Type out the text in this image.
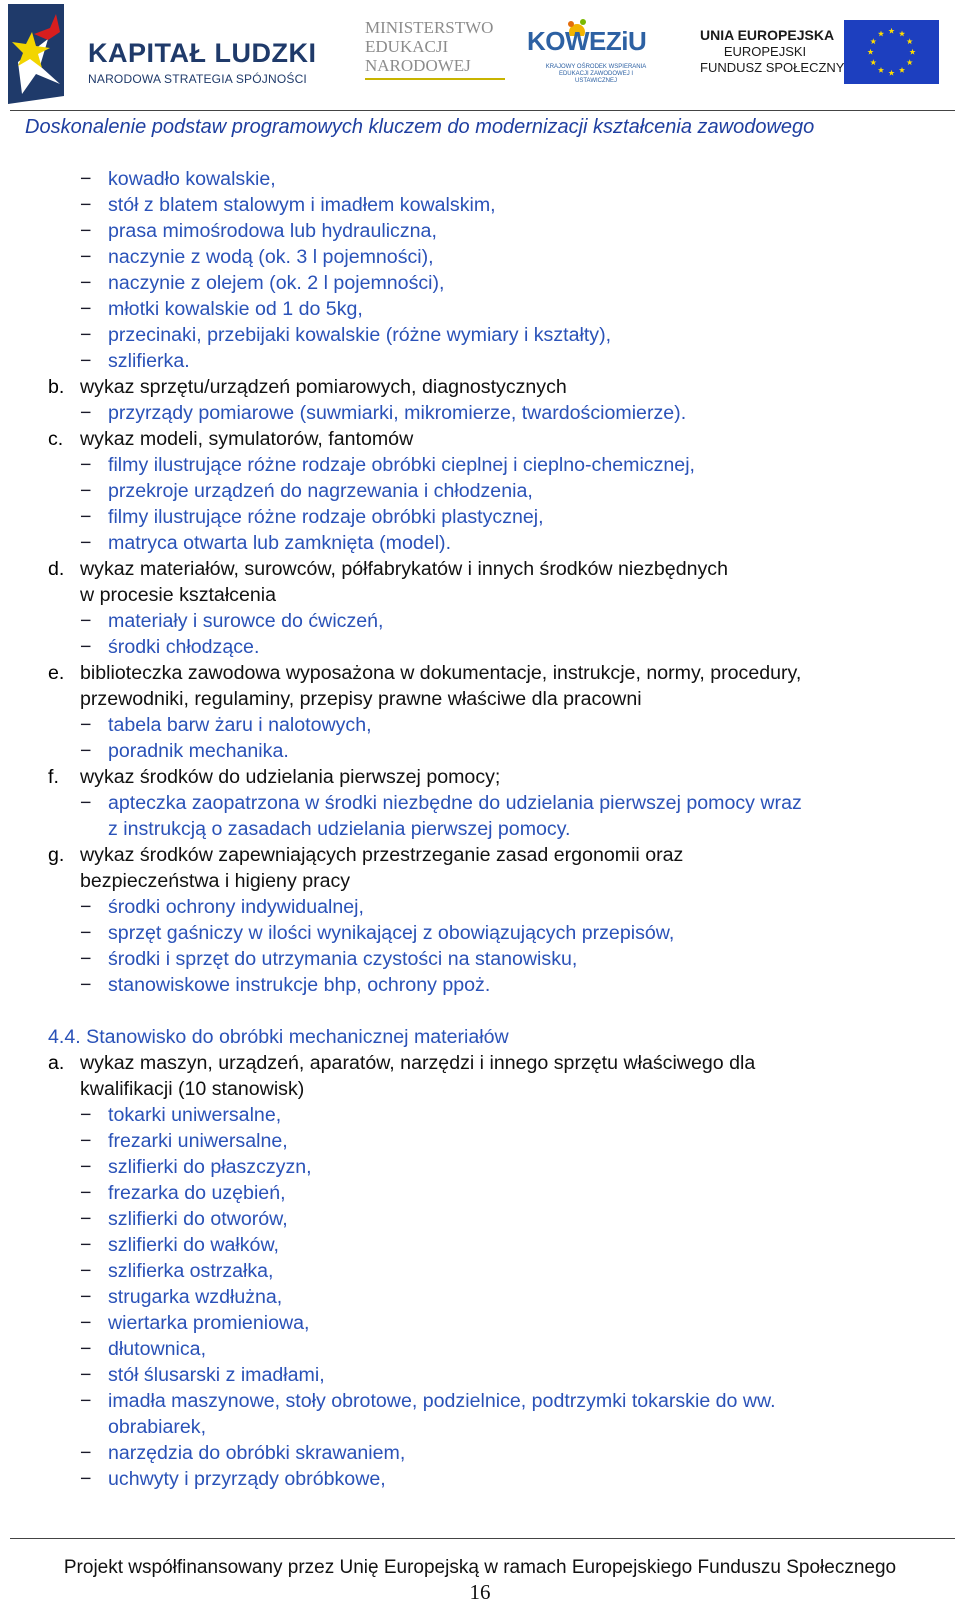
KAPITAŁ LUDZKI
NARODOWA STRATEGIA SPÓJNOŚCI
MINISTERSTWO
EDUKACJI
NARODOWEJ
KOWEZiU
KRAJOWY OŚRODEK WSPIERANIA EDUKACJI ZAWODOWEJ I USTAWICZNEJ
UNIA EUROPEJSKA
EUROPEJSKI
FUNDUSZ SPOŁECZNY
Doskonalenie podstaw programowych kluczem do modernizacji kształcenia zawodowego
− kowadło kowalskie,
− stół z blatem stalowym i imadłem kowalskim,
− prasa mimośrodowa lub hydrauliczna,
− naczynie z wodą (ok. 3 l pojemności),
− naczynie z olejem (ok. 2 l pojemności),
− młotki kowalskie od 1 do 5kg,
− przecinaki, przebijaki kowalskie (różne wymiary i kształty),
− szlifierka.
b. wykaz sprzętu/urządzeń pomiarowych, diagnostycznych
− przyrządy pomiarowe (suwmiarki, mikromierze, twardościomierze).
c. wykaz modeli, symulatorów, fantomów
− filmy ilustrujące różne rodzaje obróbki cieplnej i cieplno-chemicznej,
− przekroje urządzeń do nagrzewania i chłodzenia,
− filmy ilustrujące różne rodzaje obróbki plastycznej,
− matryca otwarta lub zamknięta (model).
d. wykaz materiałów, surowców, półfabrykatów i innych środków niezbędnych
w procesie kształcenia
− materiały i surowce do ćwiczeń,
− środki chłodzące.
e. biblioteczka zawodowa wyposażona w dokumentacje, instrukcje, normy, procedury,
przewodniki, regulaminy, przepisy prawne właściwe dla pracowni
− tabela barw żaru i nalotowych,
− poradnik mechanika.
f. wykaz środków do udzielania pierwszej pomocy;
− apteczka zaopatrzona w środki niezbędne do udzielania pierwszej pomocy wraz
z instrukcją o zasadach udzielania pierwszej pomocy.
g. wykaz środków zapewniających przestrzeganie zasad ergonomii oraz
bezpieczeństwa i higieny pracy
− środki ochrony indywidualnej,
− sprzęt gaśniczy w ilości wynikającej z obowiązujących przepisów,
− środki i sprzęt do utrzymania czystości na stanowisku,
− stanowiskowe instrukcje bhp, ochrony ppoż.
4.4. Stanowisko do obróbki mechanicznej materiałów
a. wykaz maszyn, urządzeń, aparatów, narzędzi i innego sprzętu właściwego dla
kwalifikacji (10 stanowisk)
− tokarki uniwersalne,
− frezarki uniwersalne,
− szlifierki do płaszczyzn,
− frezarka do uzębień,
− szlifierki do otworów,
− szlifierki do wałków,
− szlifierka ostrzałka,
− strugarka wzdłużna,
− wiertarka promieniowa,
− dłutownica,
− stół ślusarski z imadłami,
− imadła maszynowe, stoły obrotowe, podzielnice, podtrzymki tokarskie do ww.
obrabiarek,
− narzędzia do obróbki skrawaniem,
− uchwyty i przyrządy obróbkowe,
Projekt współfinansowany przez Unię Europejską w ramach Europejskiego Funduszu Społecznego
16
